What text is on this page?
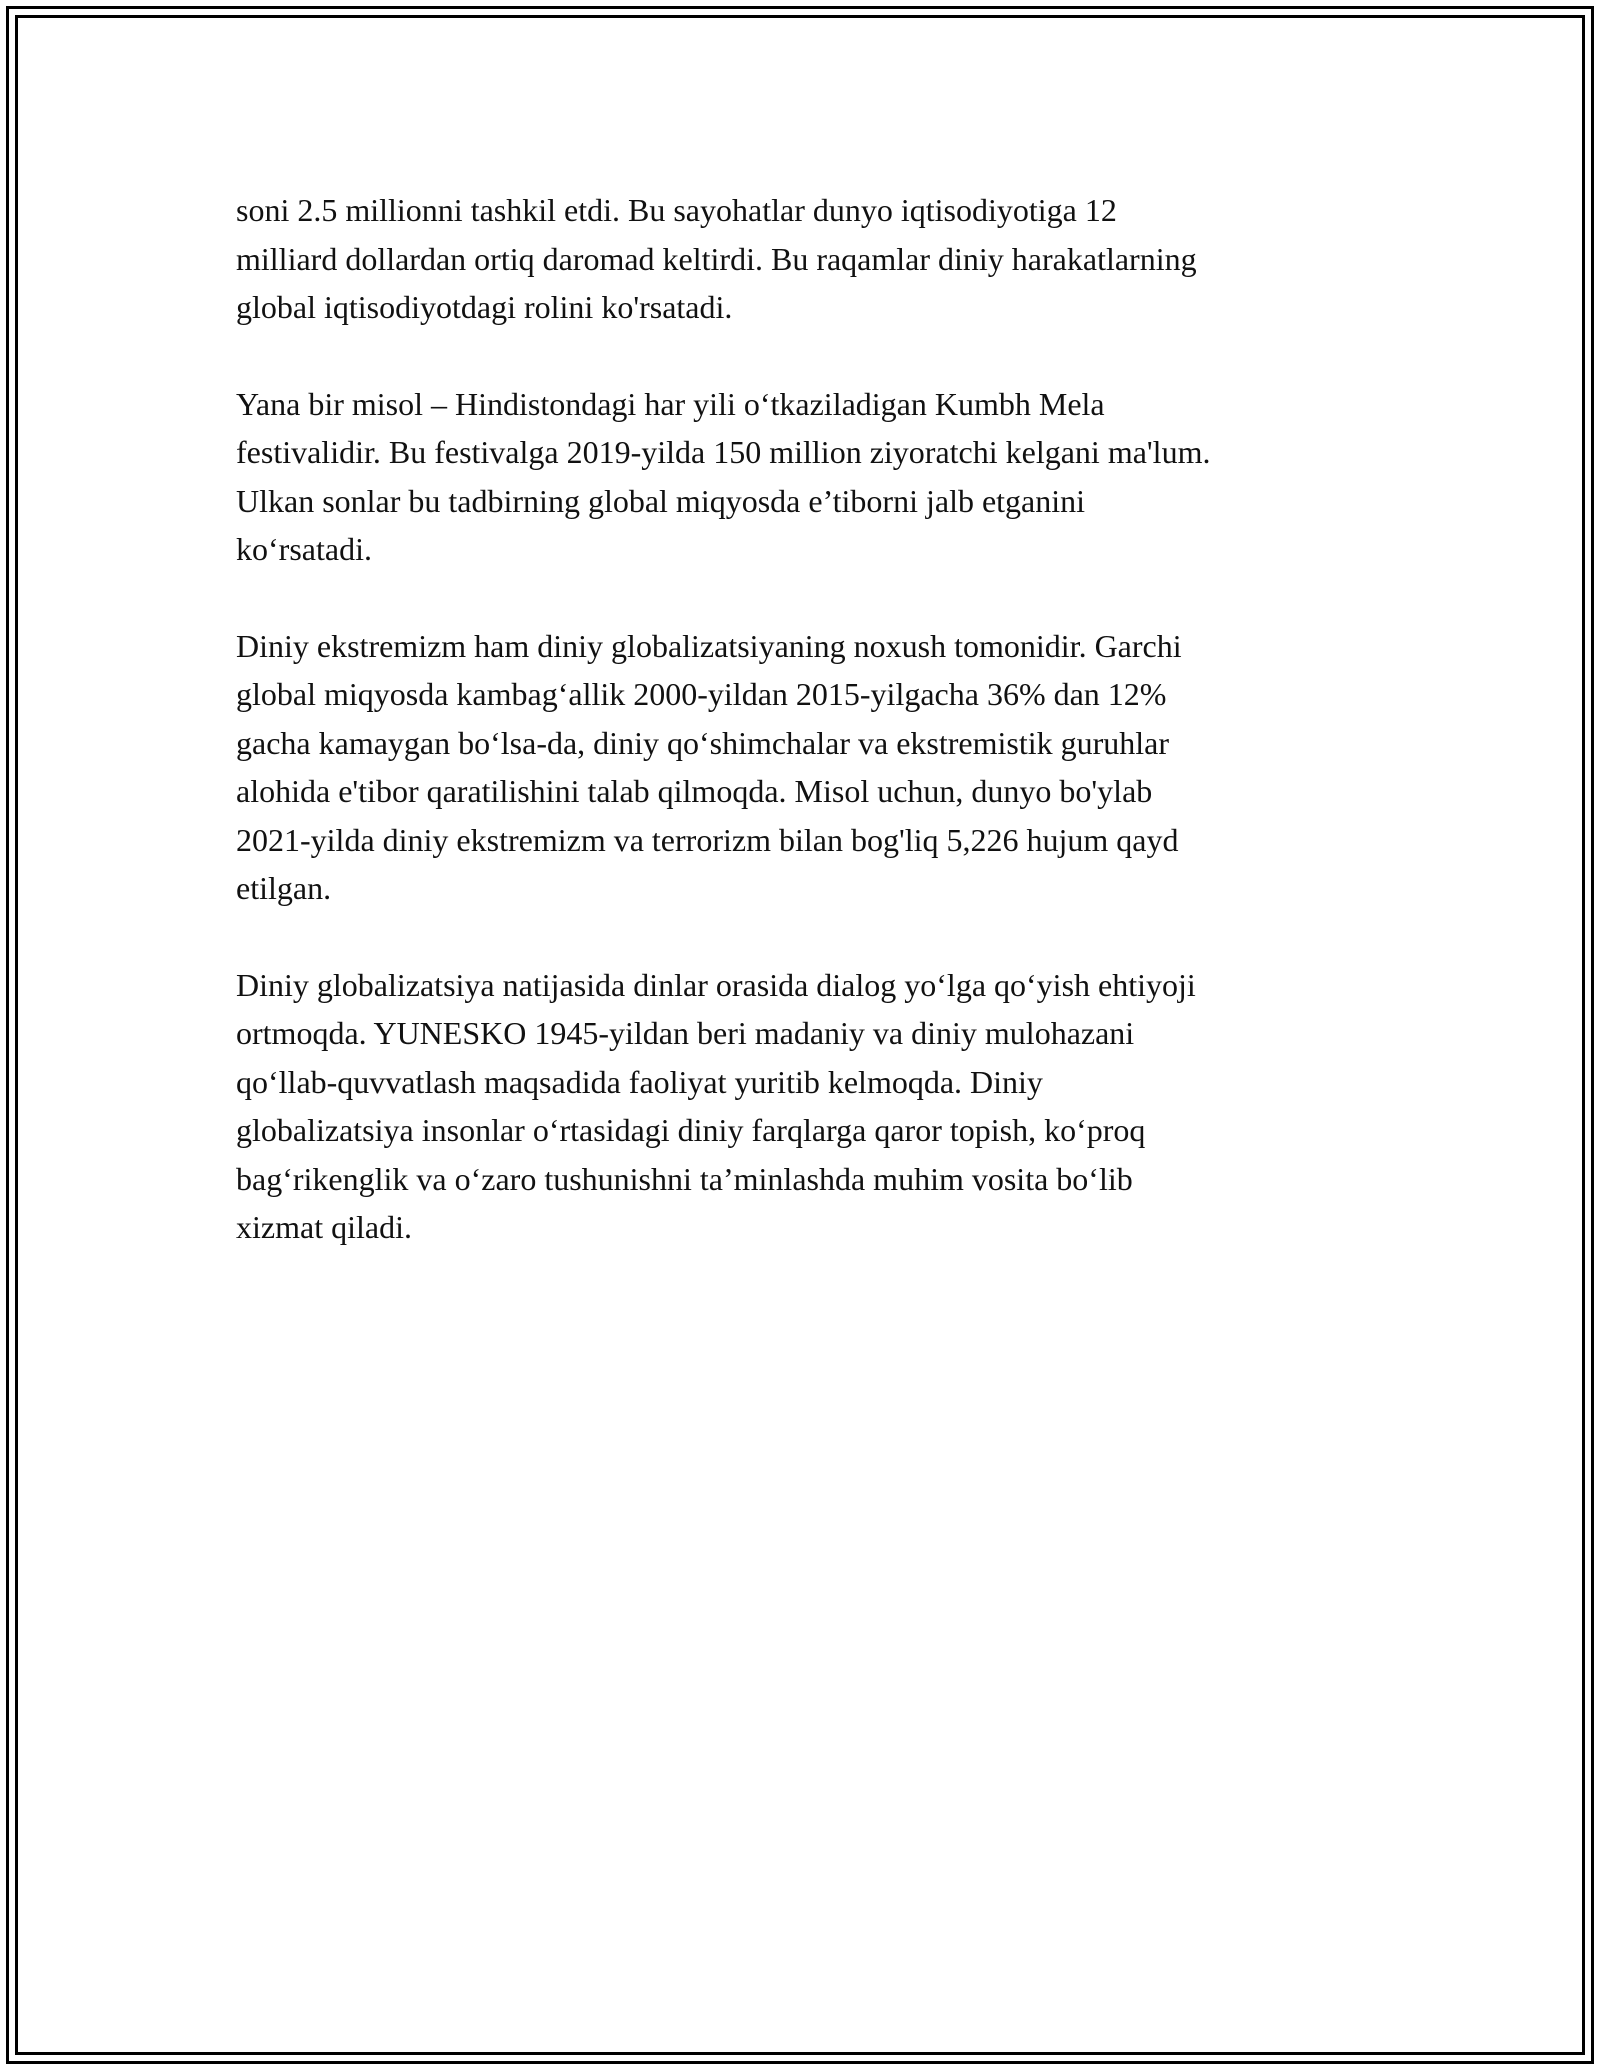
soni 2.5 millionni tashkil etdi. Bu sayohatlar dunyo iqtisodiyotiga 12
milliard dollardan ortiq daromad keltirdi. Bu raqamlar diniy harakatlarning
global iqtisodiyotdagi rolini ko'rsatadi.

Yana bir misol – Hindistondagi har yili oʻtkaziladigan Kumbh Mela
festivalidir. Bu festivalga 2019-yilda 150 million ziyoratchi kelgani ma'lum.
Ulkan sonlar bu tadbirning global miqyosda e’tiborni jalb etganini
koʻrsatadi.

Diniy ekstremizm ham diniy globalizatsiyaning noxush tomonidir. Garchi
global miqyosda kambagʻallik 2000-yildan 2015-yilgacha 36% dan 12%
gacha kamaygan boʻlsa-da, diniy qoʻshimchalar va ekstremistik guruhlar
alohida e'tibor qaratilishini talab qilmoqda. Misol uchun, dunyo bo'ylab
2021-yilda diniy ekstremizm va terrorizm bilan bog'liq 5,226 hujum qayd
etilgan.

Diniy globalizatsiya natijasida dinlar orasida dialog yoʻlga qoʻyish ehtiyoji
ortmoqda. YUNESKO 1945-yildan beri madaniy va diniy mulohazani
qoʻllab-quvvatlash maqsadida faoliyat yuritib kelmoqda. Diniy
globalizatsiya insonlar oʻrtasidagi diniy farqlarga qaror topish, koʻproq
bagʻrikenglik va oʻzaro tushunishni ta’minlashda muhim vosita boʻlib
xizmat qiladi.
